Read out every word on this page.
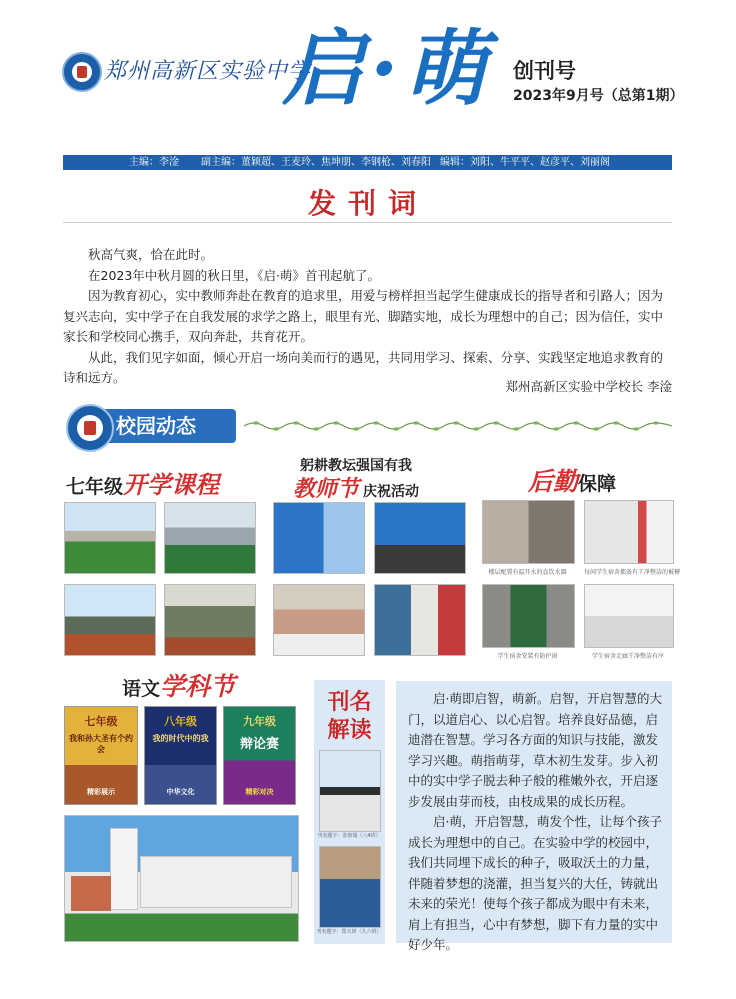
郑州高新区实验中学
启·萌 创刊号
2023年9月号（总第1期）
主编：李淦 副主编：董颖超、王麦玲、焦坤朋、李钢枪、刘春阳 编辑：刘阳、牛平平、赵彦平、刘丽阁
发刊词

秋高气爽，恰在此时。

在2023年中秋月圆的秋日里，《启·萌》首刊起航了。

因为教育初心，实中教师奔赴在教育的追求里，用爱与榜样担当起学生健康成长的指导者和引路人；因为复兴志向，实中学子在自我发展的求学之路上，眼里有光、脚踏实地，成长为理想中的自己；因为信任，实中家长和学校同心携手，双向奔赴，共育花开。

从此，我们见字如面，倾心开启一场向美而行的遇见，共同用学习、探索、分享、实践坚定地追求教育的诗和远方。

郑州高新区实验中学校长 李淦
校园动态
七年级开学课程
躬耕教坛强国有我
教师节 庆祝活动	后勤保障
楼层配置有温开水的直饮水器	每间学生宿舍都备有干净整洁的被褥
学生宿舍安装有防护窗	学生宿舍走廊干净整洁有序
语文学科节
七年级
我和孙大圣有个约会
精彩展示
八年级
我的时代中的我
中华文化
九年级
辩论赛
精彩对决
刊名
解读
刊名题字：张惠瑞（八4班）
刊名题字：郑天妍（九六班）

启·萌即启智，萌新。启智，开启智慧的大门，以道启心、以心启智。培养良好品德，启迪潜在智慧。学习各方面的知识与技能，激发学习兴趣。萌指萌芽，草木初生发芽。步入初中的实中学子脱去种子般的稚嫩外衣，开启逐步发展由芽而枝，由枝成果的成长历程。

启·萌，开启智慧，萌发个性，让每个孩子成长为理想中的自己。在实验中学的校园中，我们共同埋下成长的种子，吸取沃土的力量，伴随着梦想的浇灌，担当复兴的大任，铸就出未来的荣光！使每个孩子都成为眼中有未来，肩上有担当，心中有梦想，脚下有力量的实中好少年。
